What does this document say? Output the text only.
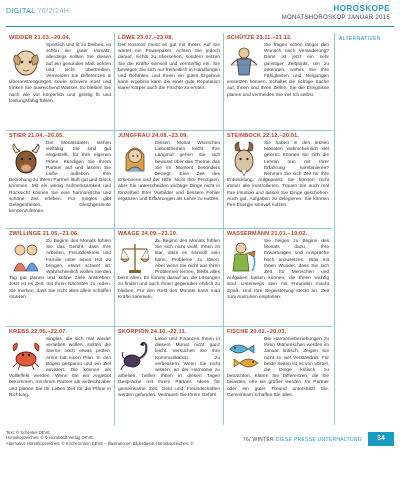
DIGITAL 76/2/24H	HOROSKOPE
MONATSHOROSKOP JANUAR 2015
WIDDER 21.03.–20.04.
Sportlich und fit zu bleiben, ist schon ein guter Vorsatz, allerdings sollten Sie diesen auf ein gesundes Maß achten und nicht übertreiben. Vermeiden Sie Differenzen & Überanstrengungen sowie schwere Kost und trinken Sie ausreichend Wasser. So bleiben Sie nach wie vor körperlich und geistig fit und leistungsfähig fühlen.
LÖWE 23.07.–23.08.
Der Kosmos meint es gut mit Ihnen. Auf Sie wartet ein Powerpaket. Achten Sie jedoch darauf, nichts zu übersehen, sondern setzen Sie die Kräfte sinnvoll und vernünftig ein. Sie bewegen Sie sich nur freiheitlich in Handlungen und Gefühlen, und Ihnen ein gutes Ergebnis kann ergebnis kann die einer gute Reputation klarer Körper auch die Früchte zu ernten.
SCHÜTZE 23.11.–21.12.
Sie fragen schon länger den Wunsch nach Veränderung? Dann ist jetzt ein sehr günstiger Zeitpunkt, um zu erkennen, woher. Sie Ihre Fähigkeiten und Neigungen einsetzen können. Schaltet die richtige Sache auf, Ihnen und Ihren Zielen. Sie die Ereignisse planen und vermeiden Sie viel Ich selbst.
STIER 21.04.–20.05.
Die Monatsdaten stehen vielfältig. Sie sind gut eingestellt, für Ihre eigenen Pläne. Kündigen Sie Ihrem Partner auf und lassen Sie Liebe aufleben. Ihre Beziehung zu Ihrem Partner läuft gut und Glück kommen. Mit ein wenig Aufmerksamkeit und Rücksicht können Sie eine harmonische und schöne Zeit erleben. Für Singles gibt Gelegenheiten, Gleichgesinnte kennenzulernen.
JUNGFRAU 24.08.–23.09.
Diesen Monat Wünschen Liebesthemen leicht. Ihre Langmut gehen Sie sich bewusst über das Thema, das Sie im Moment besonders bewegt. Eine Zeit des Erkennens und der Hilfe. Nicht Ihre Prinzipien, aber Sie unterscheiden wichtige Dinge nicht in Einzelheit Ihrer Vorbilder und bessere Fehler ergänzen und Erfahrungen als Lehre zu nutzen.
STEINBOCK 22.12.–20.01.
Sie haben in den letzten Monaten wahrscheinlich viel gelernt. Können Sie sich die Lehren nun mit Ihrer Erfahrung kombinieren? Nehmen Sie sich Zeit für Ihre Entwicklung. Aufgepasst: Sie können nicht immer alle kontrollieren. Trauen Sie auch mal Ihre Intuition und lassen Sie Dinge geschehen. Auch gut, Aufgaben zu delegieren. Sie können Ihre Energie sinnvoll nutzen.
ZWILLINGE 21.05.–21.06.
Zu Beginn des Monats fühlen Sie das Gefühl, dass Ihre Arbeiten, Freundeskreis und Familie unter einen Hut zu bringen, etwas schwer ist. Wahrscheinlich wollen Sie den Tag gut planen und kühne Ziele anstreben. Jetzt ist es Zeit, mit Ihren Nächsten zu reden. Sie merken, dass Sie nicht alles allein schaffen müssen.
WAAGE 24.09.–23.10.
Zu Beginn des Monats fühlen Sie sich nicht wohl. Ihnen ist klar, dass es sinnvoll sein kann, Probleme zu lösen. Aber wenn Sie nicht aus Ihren Problemen lernen, bleibt alles beim Alten. Es kommt darauf an, die Lösungen zu finden und auch Ihnen gegenüber ehrlich zu bleiben. Für den Rest des Monats kann man Kräfte sammeln.
WASSERMANN 21.01.–19.02.
Sie neigen zu Beginn des Monats dazu, Ihre Erwartungen und Ansprüche hoch anzusetzen. Was mit Ihnen Wunder, dass Sie sich Zeit für Menschen und Aufgaben lassen können, die Ihnen wichtig sind. Unterwegs sein mit Freunden macht Spaß. Und Ihre Begeisterung steckt an. Zeit zum Ausruhen einplanen.
KREBS 22.06.–22.07.
Singles, die sich mal wieder verlieben wollen, sollten die Sterne noch etwas prüfen. Amor hat einen Plan. In den Bogen gespannt und ein Ziel anvisiert. Die können als Vollleffekt werden. Wenn Sie ein Angebot bekommen, mit Ihrem Partner als vielleicht aber und planen Sie Ihr Leben Zeit für die Pläne in Richtung.
SKORPION 24.10.–22.11.
Liebe und Finanzen Ihnen in diesem Monat nicht ganz leicht. Versuchen Sie Ihre Kommunikation zu verbessern. Wenn Sie nicht wissen, an der Harmonie zu arbeiten, helfen Ihnen in diesen Tagen Gespräche mit Ihrem Partner. Ideen für gemeinsame Zeit, Geld und Freundschaften werden gefunden. Vertrauen Sie Ihrem Gefühl.
FISCHE 20.02.–20.03.
Die Harmoniebeziehungen zu Ihren Mitmenschen werden im Januar kritisch. Zeigen Sie nicht zu viel Verständnis. Für beide Seiten ist es von Vorteil, die Dinge kritisch zu betrachten. Klären Sie Differenzen, die Sie belasten, ehe sie größer werden. Ihr Partner oder ein guter Freund unterstützt Sie. Gemeinsam schaffen Sie alles.
ALTERNATIVEN
Text: © Schenkel DEVE
Horoskopzeichen: © © Humboldt-Verlag DEVE
Alternative Horoskopzeichen: © Kirchenmann DEVE – Illustrationen Bilderdienst Horoskopzeichen: ©
76/ WINTER DIESE PRESSE UNTERHALTUNG	34
